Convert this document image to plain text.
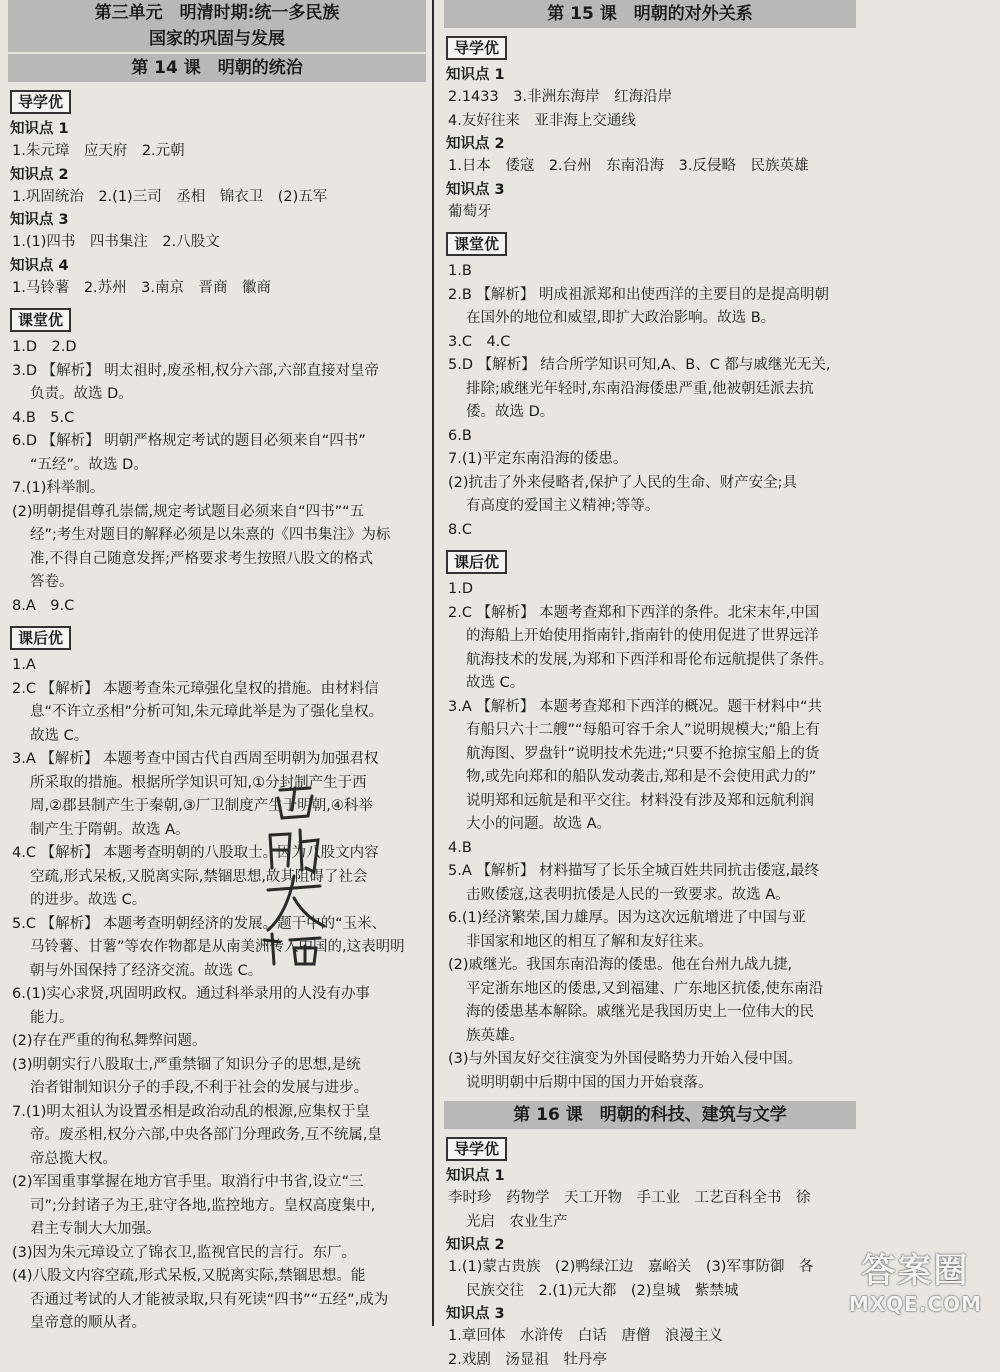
第三单元　明清时期:统一多民族
国家的巩固与发展
第 14 课　明朝的统治
导学优
知识点 1

1.朱元璋　应天府　2.元朝

知识点 2

1.巩固统治　2.(1)三司　丞相　锦衣卫　(2)五军

知识点 3

1.(1)四书　四书集注　2.八股文

知识点 4

1.马铃薯　2.苏州　3.南京　晋商　徽商

课堂优

1.D　2.D

3.D 【解析】 明太祖时,废丞相,权分六部,六部直接对皇帝

负责。故选 D。

4.B　5.C

6.D 【解析】 明朝严格规定考试的题目必须来自“四书”

“五经”。故选 D。

7.(1)科举制。

(2)明朝提倡尊孔崇儒,规定考试题目必须来自“四书”“五

经”;考生对题目的解释必须是以朱熹的《四书集注》为标

准,不得自己随意发挥;严格要求考生按照八股文的格式

答卷。

8.A　9.C

课后优

1.A

2.C 【解析】 本题考查朱元璋强化皇权的措施。由材料信

息“不许立丞相”分析可知,朱元璋此举是为了强化皇权。

故选 C。

3.A 【解析】 本题考查中国古代自西周至明朝为加强君权

所采取的措施。根据所学知识可知,①分封制产生于西

周,②郡县制产生于秦朝,③厂卫制度产生于明朝,④科举

制产生于隋朝。故选 A。

4.C 【解析】 本题考查明朝的八股取士。因为八股文内容

空疏,形式呆板,又脱离实际,禁锢思想,故其阻碍了社会

的进步。故选 C。

5.C 【解析】 本题考查明朝经济的发展。题干中的“玉米、

马铃薯、甘薯”等农作物都是从南美洲传入中国的,这表明明

朝与外国保持了经济交流。故选 C。

6.(1)实心求贤,巩固明政权。通过科举录用的人没有办事

能力。

(2)存在严重的徇私舞弊问题。

(3)明朝实行八股取士,严重禁锢了知识分子的思想,是统

治者钳制知识分子的手段,不利于社会的发展与进步。

7.(1)明太祖认为设置丞相是政治动乱的根源,应集权于皇

帝。废丞相,权分六部,中央各部门分理政务,互不统属,皇

帝总揽大权。

(2)军国重事掌握在地方官手里。取消行中书省,设立“三

司”;分封诸子为王,驻守各地,监控地方。皇权高度集中,

君主专制大大加强。

(3)因为朱元璋设立了锦衣卫,监视官民的言行。东厂。

(4)八股文内容空疏,形式呆板,又脱离实际,禁锢思想。能

否通过考试的人才能被录取,只有死读“四书”“五经”,成为

皇帝意的顺从者。

第 15 课　明朝的对外关系
导学优
知识点 1

2.1433　3.非洲东海岸　红海沿岸

4.友好往来　亚非海上交通线

知识点 2

1.日本　倭寇　2.台州　东南沿海　3.反侵略　民族英雄

知识点 3

葡萄牙

课堂优

1.B

2.B 【解析】 明成祖派郑和出使西洋的主要目的是提高明朝

在国外的地位和威望,即扩大政治影响。故选 B。

3.C　4.C

5.D 【解析】 结合所学知识可知,A、B、C 都与戚继光无关,

排除;戚继光年轻时,东南沿海倭患严重,他被朝廷派去抗

倭。故选 D。

6.B

7.(1)平定东南沿海的倭患。

(2)抗击了外来侵略者,保护了人民的生命、财产安全;具

有高度的爱国主义精神;等等。

8.C

课后优

1.D

2.C 【解析】 本题考查郑和下西洋的条件。北宋末年,中国

的海船上开始使用指南针,指南针的使用促进了世界远洋

航海技术的发展,为郑和下西洋和哥伦布远航提供了条件。

故选 C。

3.A 【解析】 本题考查郑和下西洋的概况。题干材料中“共

有船只六十二艘”“每船可容千余人”说明规模大;“船上有

航海图、罗盘针”说明技术先进;“只要不抢掠宝船上的货

物,或先向郑和的船队发动袭击,郑和是不会使用武力的”

说明郑和远航是和平交往。材料没有涉及郑和远航利润

大小的问题。故选 A。

4.B

5.A 【解析】 材料描写了长乐全城百姓共同抗击倭寇,最终

击败倭寇,这表明抗倭是人民的一致要求。故选 A。

6.(1)经济繁荣,国力雄厚。因为这次远航增进了中国与亚

非国家和地区的相互了解和友好往来。

(2)戚继光。我国东南沿海的倭患。他在台州九战九捷,

平定浙东地区的倭患,又到福建、广东地区抗倭,使东南沿

海的倭患基本解除。戚继光是我国历史上一位伟大的民

族英雄。

(3)与外国友好交往演变为外国侵略势力开始入侵中国。

说明明朝中后期中国的国力开始衰落。

第 16 课　明朝的科技、建筑与文学
导学优
知识点 1

李时珍　药物学　天工开物　手工业　工艺百科全书　徐

光启　农业生产

知识点 2

1.(1)蒙古贵族　(2)鸭绿江边　嘉峪关　(3)军事防御　各

民族交往　2.(1)元大都　(2)皇城　紫禁城

知识点 3

1.章回体　水浒传　白话　唐僧　浪漫主义

2.戏剧　汤显祖　牡丹亭

答案圈
MXQE.COM
